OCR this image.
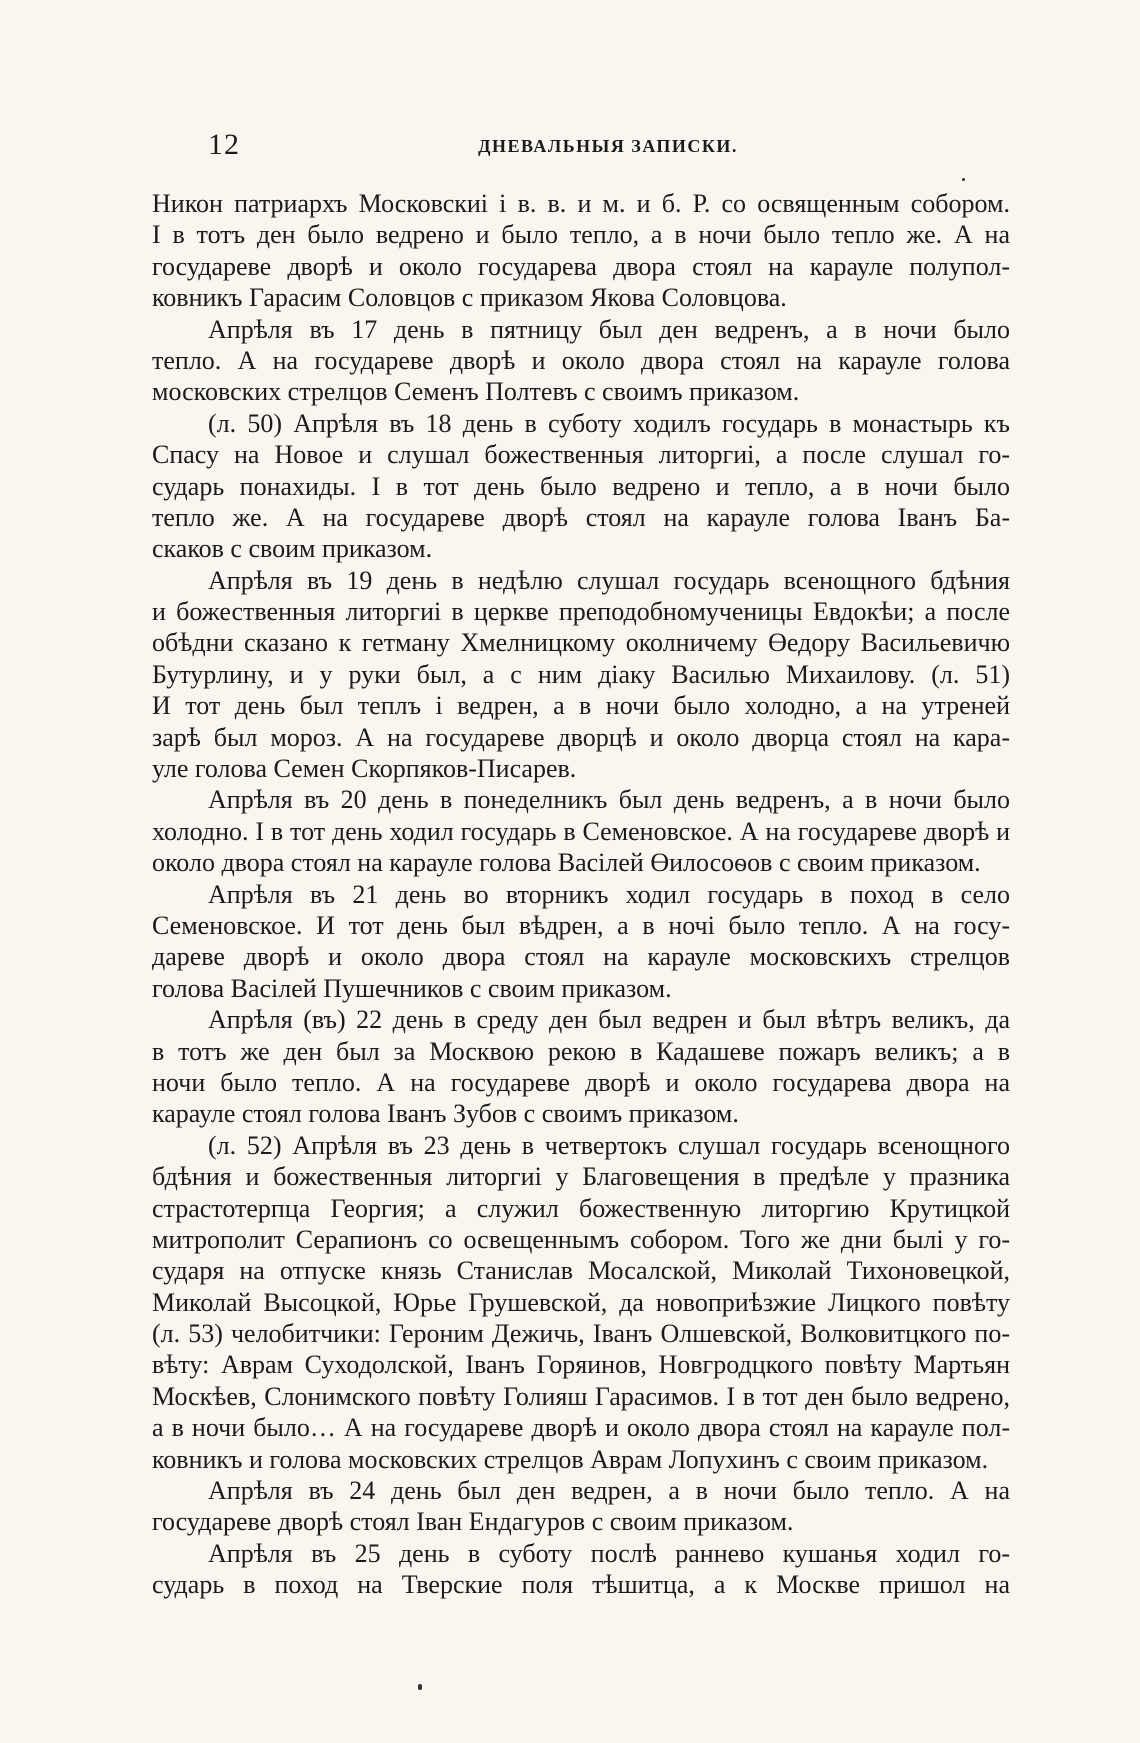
12	ДНЕВАЛЬНЫЯ ЗАПИСКИ.
Никон патриархъ Московскиі і в. в. и м. и б. Р. со освященным собором.
І в тотъ ден было ведрено и было тепло, а в ночи было тепло же. А на
государеве дворѣ и около государева двора стоял на карауле полупол-
ковникъ Гарасим Соловцов с приказом Якова Соловцова.
Апрѣля въ 17 день в пятницу был ден ведренъ, а в ночи было
тепло. А на государеве дворѣ и около двора стоял на карауле голова
московских стрелцов Семенъ Полтевъ с своимъ приказом.
(л. 50) Апрѣля въ 18 день в суботу ходилъ государь в монастырь къ
Спасу на Новое и слушал божественныя литоргиі, а после слушал го-
сударь понахиды. І в тот день было ведрено и тепло, а в ночи было
тепло же. А на государеве дворѣ стоял на карауле голова Іванъ Ба-
скаков с своим приказом.
Апрѣля въ 19 день в недѣлю слушал государь всенощного бдѣния
и божественныя литоргиі в церкве преподобномученицы Евдокѣи; а после
обѣдни сказано к гетману Хмелницкому околничему Өедору Васильевичю
Бутурлину, и у руки был, а с ним діаку Василью Михаилову. (л. 51)
И тот день был теплъ і ведрен, а в ночи было холодно, а на утреней
зарѣ был мороз. А на государеве дворцѣ и около дворца стоял на кара-
уле голова Семен Скорпяков-Писарев.
Апрѣля въ 20 день в понеделникъ был день ведренъ, а в ночи было
холодно. І в тот день ходил государь в Семеновское. А на государеве дворѣ и
около двора стоял на карауле голова Васілей Өилосоѳов с своим приказом.
Апрѣля въ 21 день во вторникъ ходил государь в поход в село
Семеновское. И тот день был вѣдрен, а в ночі было тепло. А на госу-
дареве дворѣ и около двора стоял на карауле московскихъ стрелцов
голова Васілей Пушечников с своим приказом.
Апрѣля (въ) 22 день в среду ден был ведрен и был вѣтръ великъ, да
в тотъ же ден был за Москвою рекою в Кадашеве пожаръ великъ; а в
ночи было тепло. А на государеве дворѣ и около государева двора на
карауле стоял голова Іванъ Зубов с своимъ приказом.
(л. 52) Апрѣля въ 23 день в четвертокъ слушал государь всенощного
бдѣния и божественныя литоргиі у Благовещения в предѣле у празника
страстотерпца Георгия; а служил божественную литоргию Крутицкой
митрополит Серапионъ со освещеннымъ собором. Того же дни былі у го-
сударя на отпуске князь Станислав Мосалской, Миколай Тихоновецкой,
Миколай Высоцкой, Юрье Грушевской, да новоприѣзжие Лицкого повѣту
(л. 53) челобитчики: Героним Дежичь, Іванъ Олшевской, Волковитцкого по-
вѣту: Аврам Суходолской, Іванъ Горяинов, Новгродцкого повѣту Мартьян
Москѣев, Слонимского повѣту Голияш Гарасимов. І в тот ден было ведрено,
а в ночи было… А на государеве дворѣ и около двора стоял на карауле пол-
ковникъ и голова московских стрелцов Аврам Лопухинъ с своим приказом.
Апрѣля въ 24 день был ден ведрен, а в ночи было тепло. А на
государеве дворѣ стоял Іван Ендагуров с своим приказом.
Апрѣля въ 25 день в суботу послѣ раннево кушанья ходил го-
сударь в поход на Тверские поля тѣшитца, а к Москве пришол на
